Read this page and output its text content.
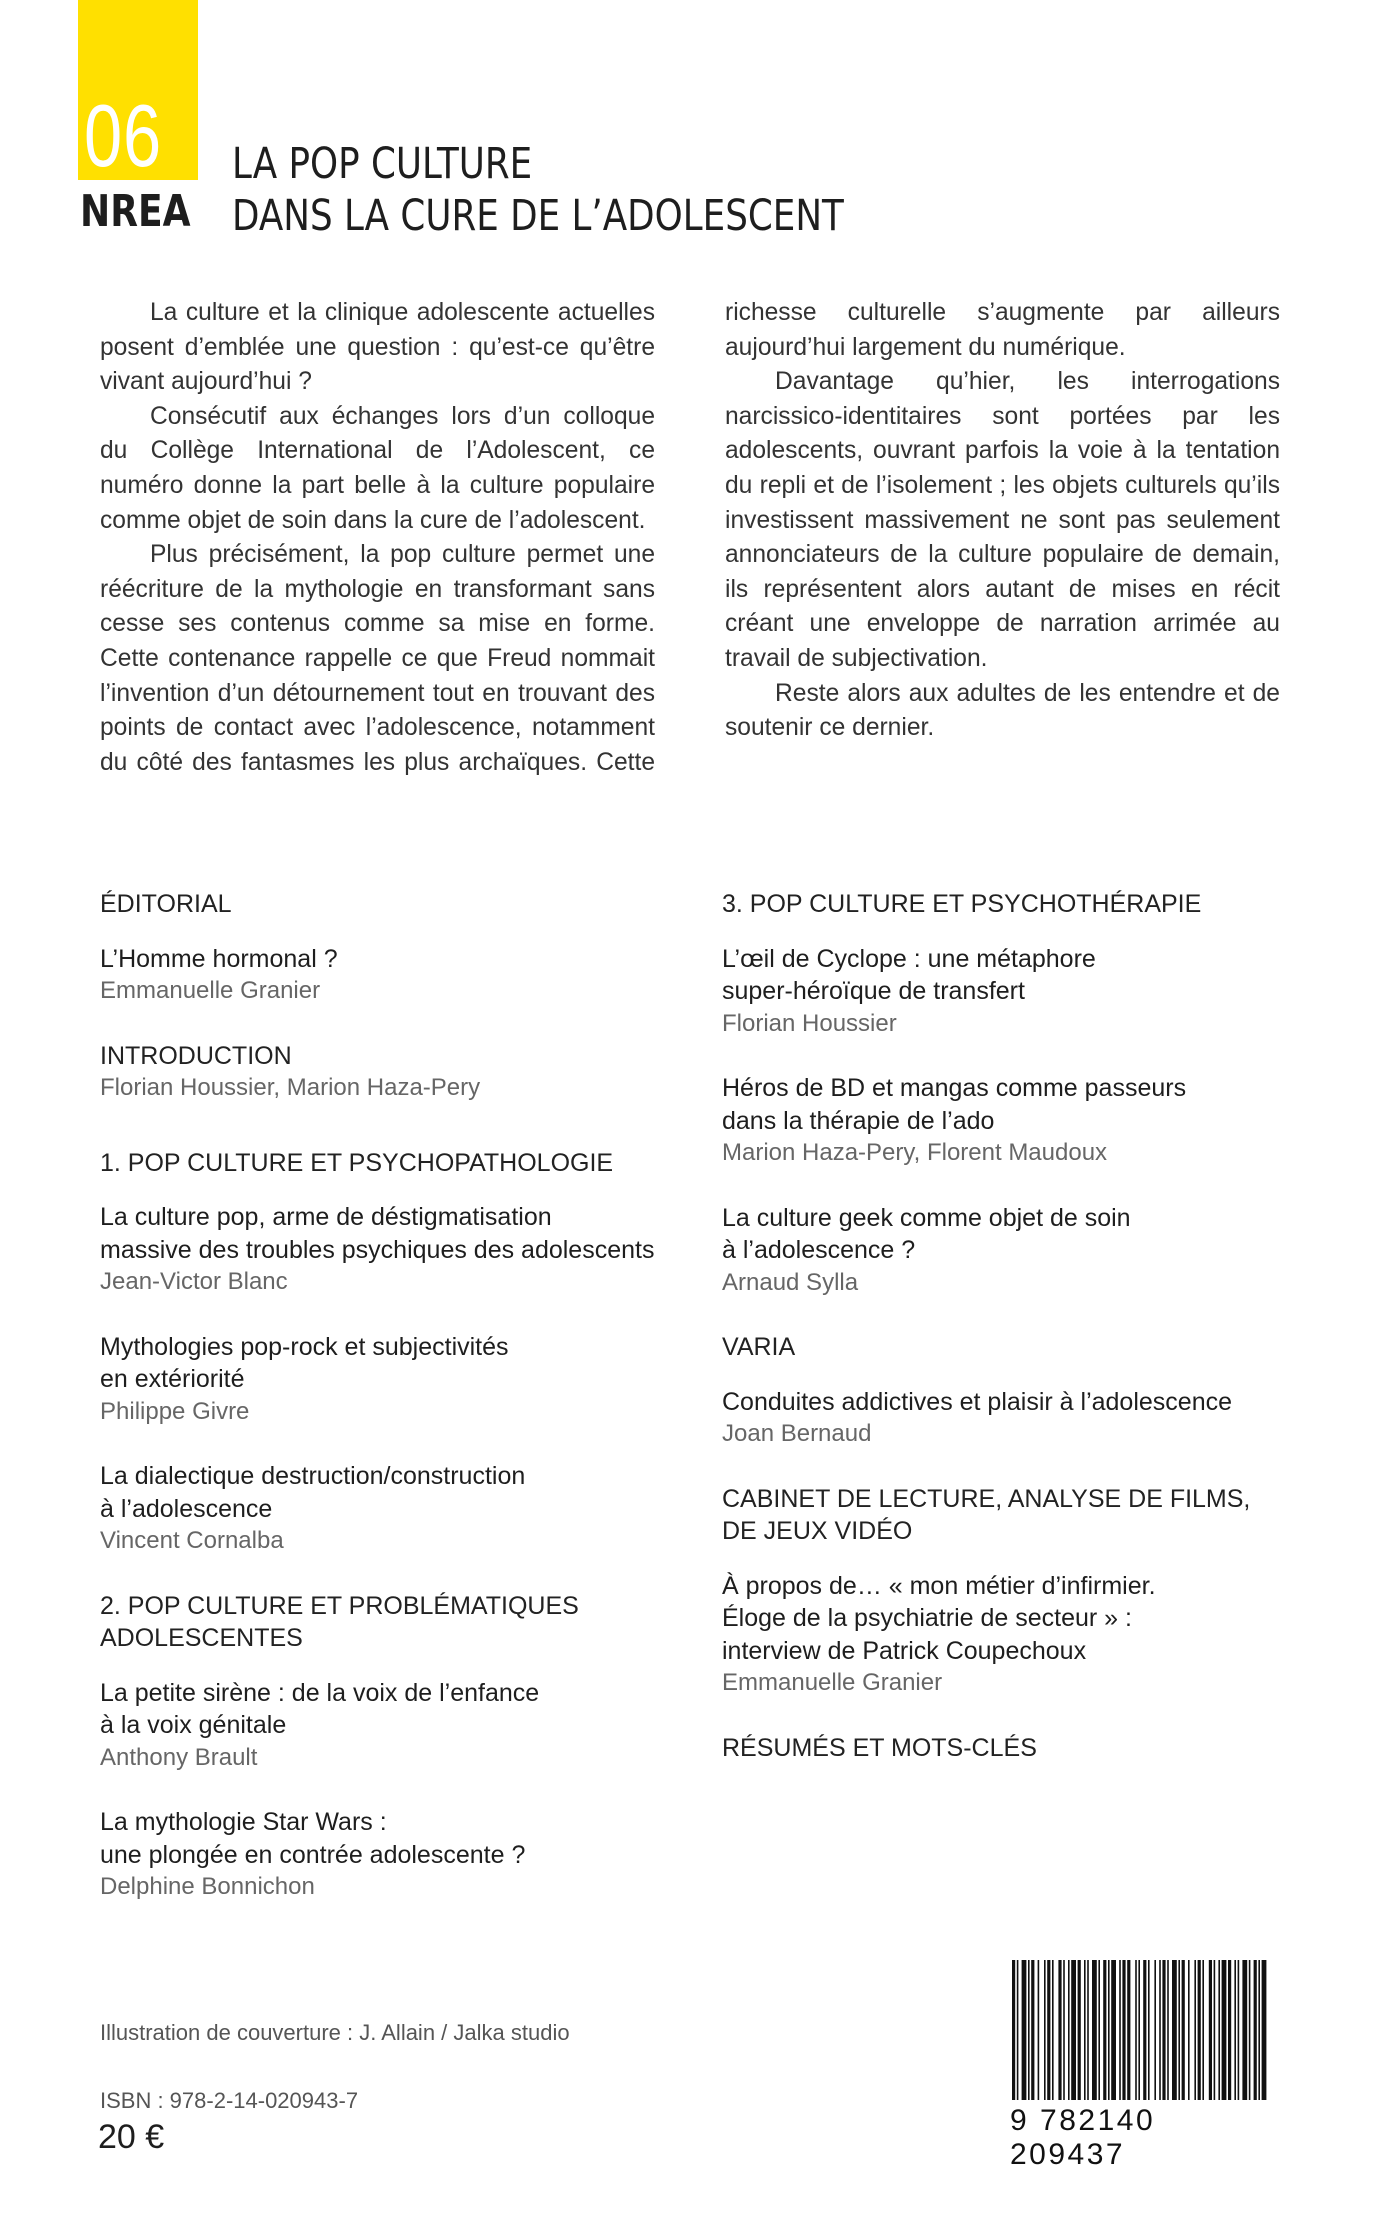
06
NREA
LA POP CULTURE
DANS LA CURE DE L’ADOLESCENT

La culture et la clinique adolescente actuelles posent d’emblée une question : qu’est-ce qu’être vivant aujourd’hui ?

Consécutif aux échanges lors d’un colloque du Collège International de l’Adolescent, ce numéro donne la part belle à la culture populaire comme objet de soin dans la cure de l’adolescent.

Plus précisément, la pop culture permet une réécriture de la mythologie en transformant sans cesse ses contenus comme sa mise en forme. Cette contenance rappelle ce que Freud nommait l’invention d’un détournement tout en trouvant des points de contact avec l’adolescence, notamment du côté des fantasmes les plus archaïques. Cette richesse culturelle s’augmente par ailleurs aujourd’hui largement du numérique.

Davantage qu’hier, les interrogations narcissico-identitaires sont portées par les adolescents, ouvrant parfois la voie à la tentation du repli et de l’isolement ; les objets culturels qu’ils investissent massivement ne sont pas seulement annonciateurs de la culture populaire de demain, ils représentent alors autant de mises en récit créant une enveloppe de narration arrimée au travail de subjectivation.

Reste alors aux adultes de les entendre et de soutenir ce dernier.

ÉDITORIAL

L’Homme hormonal ?

Emmanuelle Granier

INTRODUCTION

Florian Houssier, Marion Haza-Pery

1. POP CULTURE ET PSYCHOPATHOLOGIE

La culture pop, arme de déstigmatisation

massive des troubles psychiques des adolescents

Jean-Victor Blanc

Mythologies pop-rock et subjectivités

en extériorité

Philippe Givre

La dialectique destruction/construction

à l’adolescence

Vincent Cornalba

2. POP CULTURE ET PROBLÉMATIQUES

ADOLESCENTES

La petite sirène : de la voix de l’enfance

à la voix génitale

Anthony Brault

La mythologie Star Wars :

une plongée en contrée adolescente ?

Delphine Bonnichon

3. POP CULTURE ET PSYCHOTHÉRAPIE

L’œil de Cyclope : une métaphore

super-héroïque de transfert

Florian Houssier

Héros de BD et mangas comme passeurs

dans la thérapie de l’ado

Marion Haza-Pery, Florent Maudoux

La culture geek comme objet de soin

à l’adolescence ?

Arnaud Sylla

VARIA

Conduites addictives et plaisir à l’adolescence

Joan Bernaud

CABINET DE LECTURE, ANALYSE DE FILMS,

DE JEUX VIDÉO

À propos de… « mon métier d’infirmier.

Éloge de la psychiatrie de secteur » :

interview de Patrick Coupechoux

Emmanuelle Granier

RÉSUMÉS ET MOTS-CLÉS

Illustration de couverture : J. Allain / Jalka studio
ISBN : 978-2-14-020943-7
20 €	9 782140 209437
